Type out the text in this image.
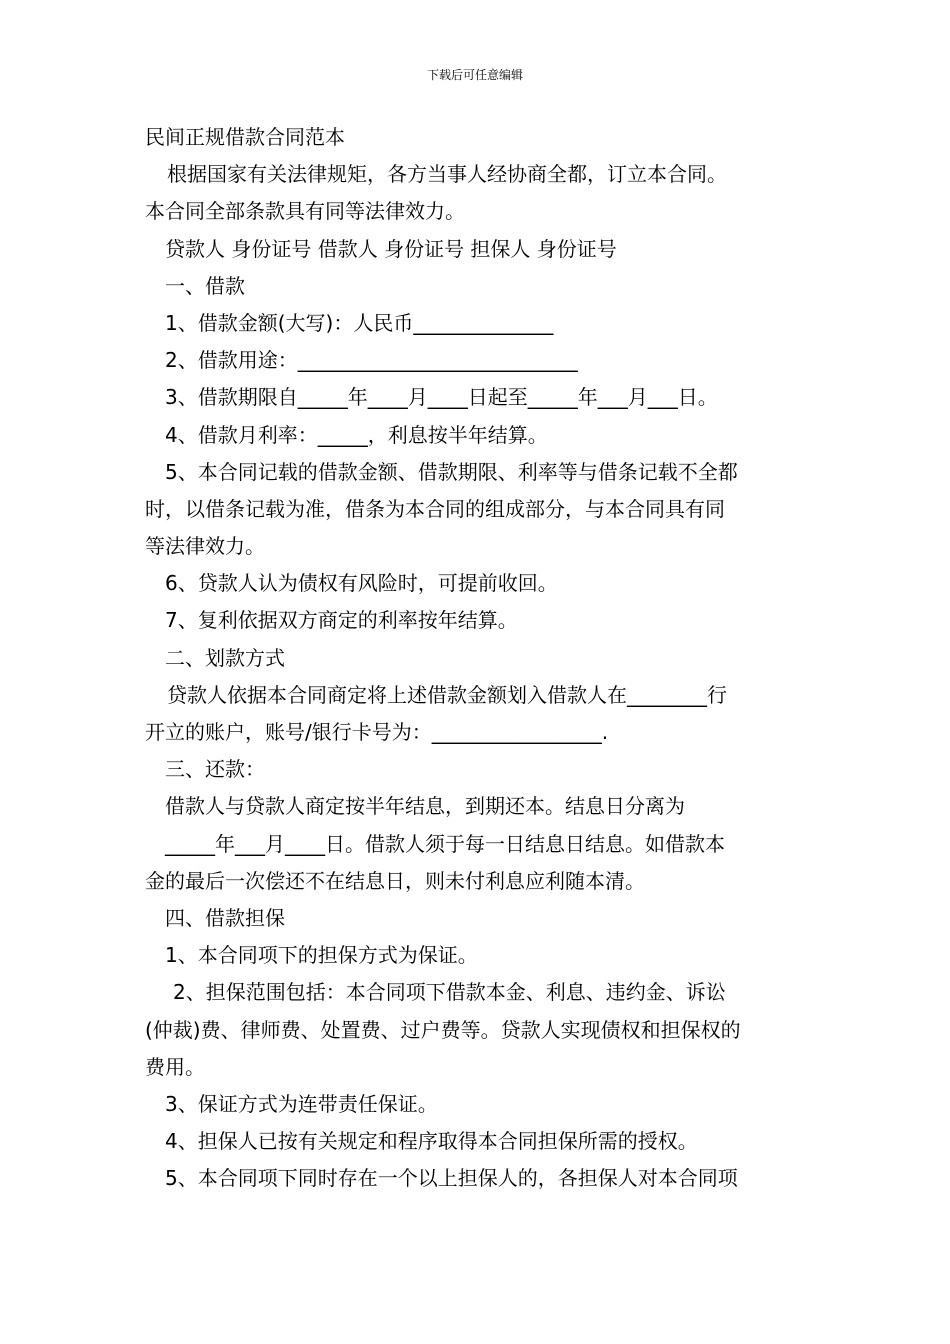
下载后可任意编辑
民间正规借款合同范本
根据国家有关法律规矩，各方当事人经协商全都，订立本合同。
本合同全部条款具有同等法律效力。
贷款人 身份证号 借款人 身份证号 担保人 身份证号
一、借款
1、借款金额(大写)：人民币______________
2、借款用途：____________________________
3、借款期限自_____年____月____日起至_____年___月___日。
4、借款月利率：_____，利息按半年结算。
5、本合同记载的借款金额、借款期限、利率等与借条记载不全都
时，以借条记载为准，借条为本合同的组成部分，与本合同具有同
等法律效力。
6、贷款人认为债权有风险时，可提前收回。
7、复利依据双方商定的利率按年结算。
二、划款方式
贷款人依据本合同商定将上述借款金额划入借款人在________行
开立的账户，账号/银行卡号为：_________________.
三、还款：
借款人与贷款人商定按半年结息，到期还本。结息日分离为
_____年___月____日。借款人须于每一日结息日结息。如借款本
金的最后一次偿还不在结息日，则未付利息应利随本清。
四、借款担保
1、本合同项下的担保方式为保证。
2、担保范围包括：本合同项下借款本金、利息、违约金、诉讼
(仲裁)费、律师费、处置费、过户费等。贷款人实现债权和担保权的
费用。
3、保证方式为连带责任保证。
4、担保人已按有关规定和程序取得本合同担保所需的授权。
5、本合同项下同时存在一个以上担保人的，各担保人对本合同项
